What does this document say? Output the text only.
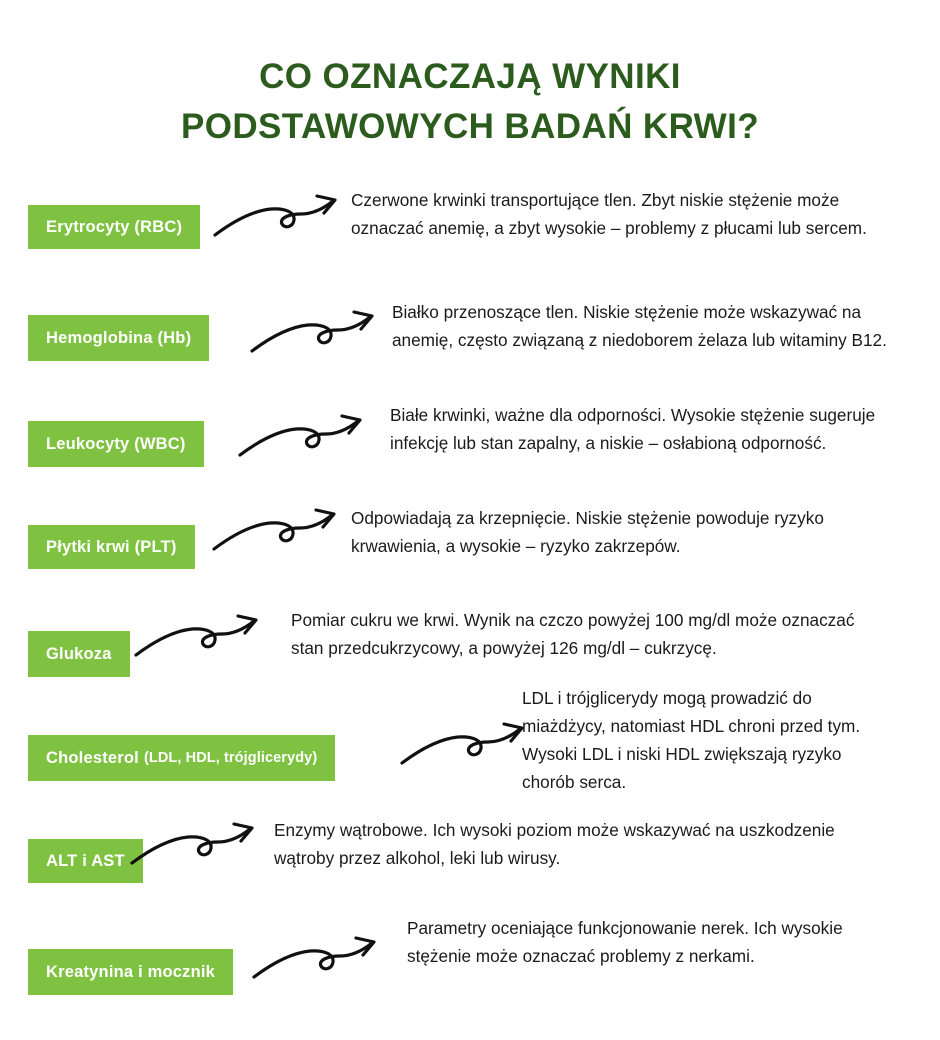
CO OZNACZAJĄ WYNIKI
PODSTAWOWYCH BADAŃ KRWI?
Erytrocyty (RBC)
Czerwone krwinki transportujące tlen. Zbyt niskie stężenie może oznaczać anemię, a zbyt wysokie – problemy z płucami lub sercem.
Hemoglobina (Hb)
Białko przenoszące tlen. Niskie stężenie może wskazywać na anemię, często związaną z niedoborem żelaza lub witaminy B12.
Leukocyty (WBC)
Białe krwinki, ważne dla odporności. Wysokie stężenie sugeruje infekcję lub stan zapalny, a niskie – osłabioną odporność.
Płytki krwi (PLT)
Odpowiadają za krzepnięcie. Niskie stężenie powoduje ryzyko krwawienia, a wysokie – ryzyko zakrzepów.
Glukoza
Pomiar cukru we krwi. Wynik na czczo powyżej 100 mg/dl może oznaczać stan przedcukrzycowy, a powyżej 126 mg/dl – cukrzycę.
Cholesterol (LDL, HDL, trójglicerydy)
LDL i trójglicerydy mogą prowadzić do miażdżycy, natomiast HDL chroni przed tym. Wysoki LDL i niski HDL zwiększają ryzyko chorób serca.
ALT i AST
Enzymy wątrobowe. Ich wysoki poziom może wskazywać na uszkodzenie wątroby przez alkohol, leki lub wirusy.
Kreatynina i mocznik
Parametry oceniające funkcjonowanie nerek. Ich wysokie stężenie może oznaczać problemy z nerkami.
